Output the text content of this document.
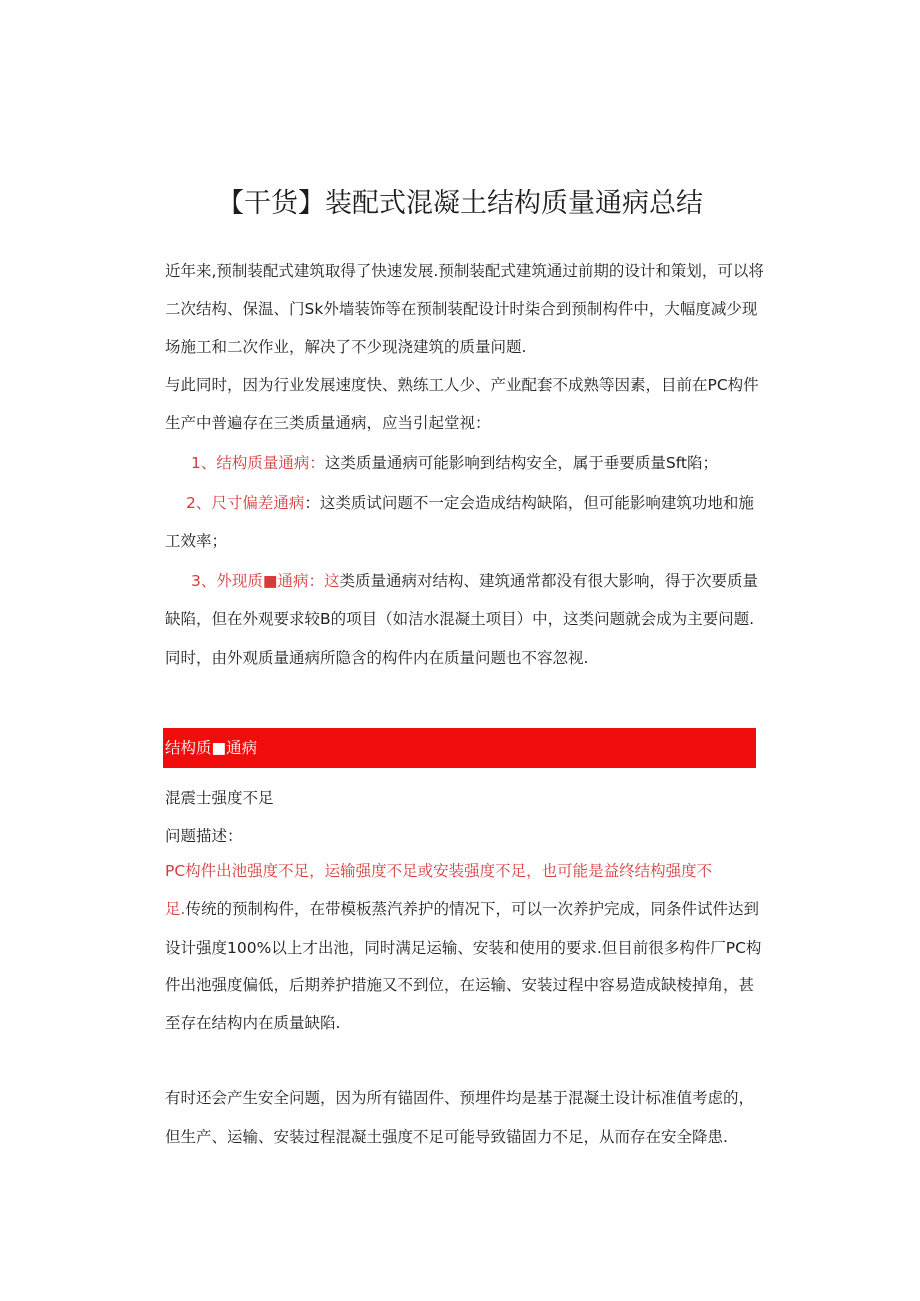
【干货】装配式混凝土结构质量通病总结
近年来,预制装配式建筑取得了快速发展.预制装配式建筑通过前期的设计和策划，可以将
二次结构、保温、门Sk外墙装饰等在预制装配设计时柒合到预制构件中，大幅度减少现
场施工和二次作业，解决了不少现浇建筑的质量问题.
与此同时，因为行业发展速度快、熟练工人少、产业配套不成熟等因素，目前在PC构件
生产中普遍存在三类质量通病，应当引起堂视：
1、结构质量通病：这类质量通病可能影响到结构安全，属于垂要质量Sft陷；
2、尺寸偏差通病：这类质试问题不一定会造成结构缺陷，但可能影响建筑功地和施
工效率；
3、外现质■通病：这类质量通病对结构、建筑通常都没有很大影响，得于次要质量
缺陷，但在外观要求较B的项目（如洁水混凝土项目）中，这类问题就会成为主要问题.
同时，由外观质量通病所隐含的构件内在质量问题也不容忽视.
结构质■通病
混震士强度不足
问题描述：
PC构件出池强度不足，运输强度不足或安装强度不足，也可能是益终结构强度不
足.传统的预制构件，在带模板蒸汽养护的情况下，可以一次养护完成，同条件试件达到
设计强度100%以上才出池，同时满足运输、安装和使用的要求.但目前很多构件厂PC构
件出池强度偏低，后期养护措施又不到位，在运输、安装过程中容易造成缺棱掉角，甚
至存在结构内在质量缺陷.
有时还会产生安全问题，因为所有锚固件、预埋件均是基于混凝土设计标准值考虑的，
但生产、运输、安装过程混凝土强度不足可能导致锚固力不足，从而存在安全降患.
